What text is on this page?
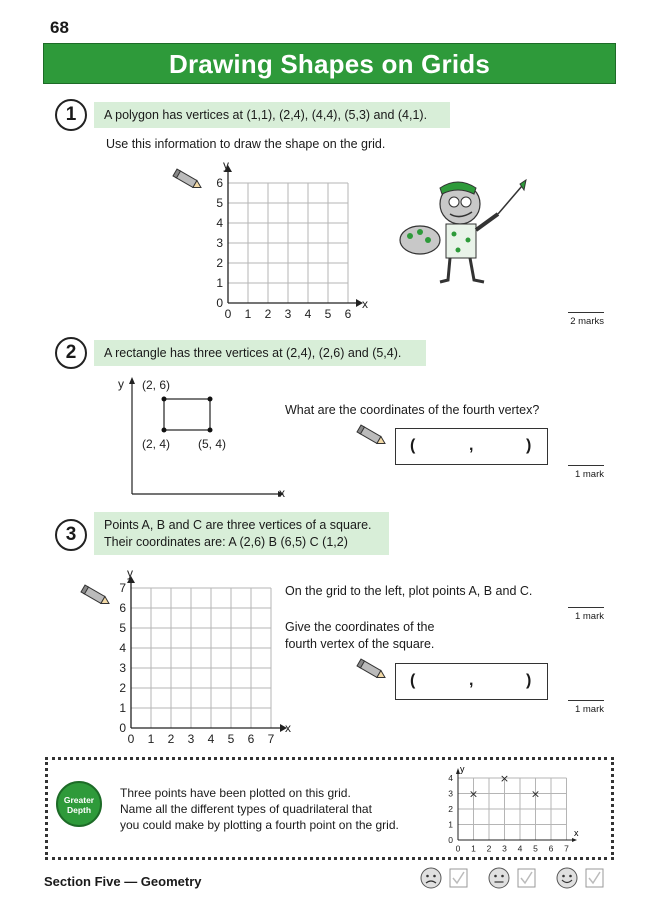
68
Drawing Shapes on Grids
1	A polygon has vertices at (1,1), (2,4), (4,4), (5,3) and (4,1).
Use this information to draw the shape on the grid.
x
y
0 1 2 3 4 5 6
0
1
2
3
4
5
6
2 marks
2	A rectangle has three vertices at (2,4), (2,6) and (5,4).
x
y (2, 6)
(2, 4) (5, 4)
What are the coordinates of the fourth vertex?
(	,	)
1 mark
3	Points A, B and C are three vertices of a square.
Their coordinates are: A (2,6) B (6,5) C (1,2)
x
y
0 1 2 3 4 5 6 7
0
1
2
3
4
5
6
7	On the grid to the left, plot points A, B and C.
1 mark
Give the coordinates of the
fourth vertex of the square.
(	,	)
1 mark
Greater
Depth
Three points have been plotted on this grid.
Name all the different types of quadrilateral that
you could make by plotting a fourth point on the grid.
x
y
0 1 2 3 4 5 6 7
0
1
2
3
4
×
×
×
Section Five — Geometry
